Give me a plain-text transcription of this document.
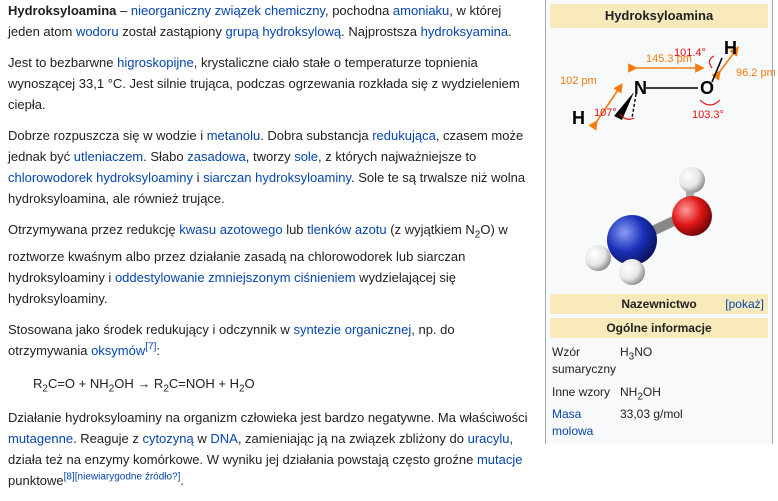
Hydroksyloamina – nieorganiczny związek chemiczny, pochodna amoniaku, w której jeden atom wodoru został zastąpiony grupą hydroksylową. Najprostsza hydroksyamina.

Jest to bezbarwne higroskopijne, krystaliczne ciało stałe o temperaturze topnienia wynoszącej 33,1 °C. Jest silnie trująca, podczas ogrzewania rozkłada się z wydzieleniem ciepła.

Dobrze rozpuszcza się w wodzie i metanolu. Dobra substancja redukująca, czasem może jednak być utleniaczem. Słabo zasadowa, tworzy sole, z których najważniejsze to chlorowodorek hydroksyloaminy i siarczan hydroksyloaminy. Sole te są trwalsze niż wolna hydroksyloamina, ale również trujące.

Otrzymywana przez redukcję kwasu azotowego lub tlenków azotu (z wyjątkiem $N_2O$) w roztworze kwaśnym albo przez działanie zasadą na chlorowodorek lub siarczan hydroksyloaminy i oddestylowanie zmniejszonym ciśnieniem wydzielającej się hydroksyloaminy.

Stosowana jako środek redukujący i odczynnik w syntezie organicznej, np. do otrzymywania oksymów[7]:

$R_2C=O + NH_2OH \to R_2C=NOH + H_2O$

Działanie hydroksyloaminy na organizm człowieka jest bardzo negatywne. Ma właściwości mutagenne. Reaguje z cytozyną w DNA, zamieniając ją na związek zbliżony do uracylu, działa też na enzymy komórkowe. W wyniku jej działania powstają często groźne mutacje punktowe[8][niewiarygodne źródło?].

Hydroksyloamina
N	O
H
H
145.3 pm
102 pm
96.2 pm
101.4°
107°	103.3°
Nazewnictwo [pokaż]
Ogólne informacje
Wzór sumaryczny
$H_3NO$
Inne wzory $NH_2OH$
Masa molowa
33,03 g/mol
